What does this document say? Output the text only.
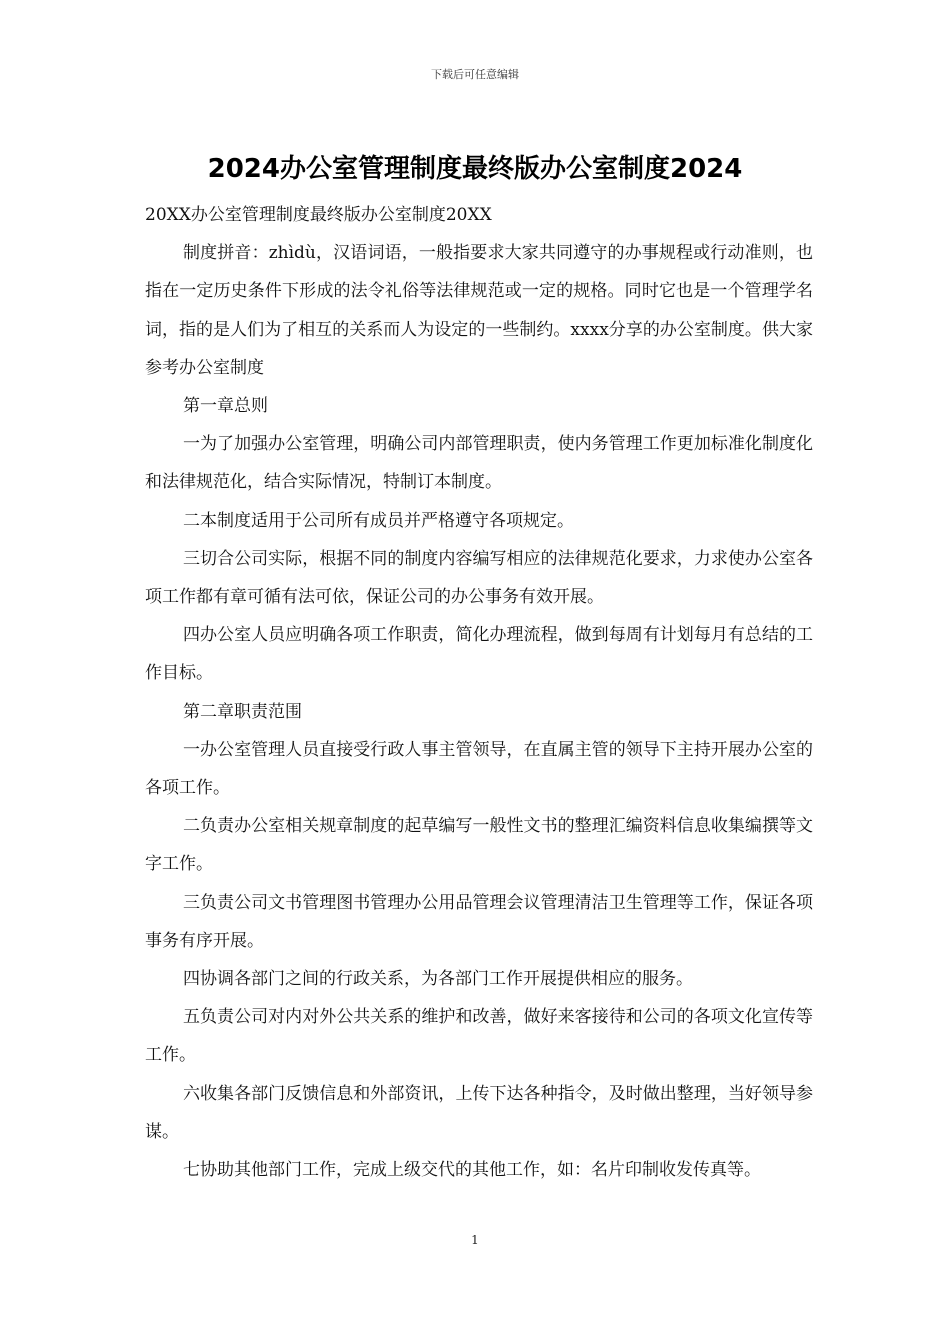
下载后可任意编辑
2024办公室管理制度最终版办公室制度2024

20XX办公室管理制度最终版办公室制度20XX

制度拼音：zhìdù，汉语词语，一般指要求大家共同遵守的办事规程或行动准则，也指在一定历史条件下形成的法令礼俗等法律规范或一定的规格。同时它也是一个管理学名词，指的是人们为了相互的关系而人为设定的一些制约。xxxx分享的办公室制度。供大家参考办公室制度

第一章总则

一为了加强办公室管理，明确公司内部管理职责，使内务管理工作更加标准化制度化和法律规范化，结合实际情况，特制订本制度。

二本制度适用于公司所有成员并严格遵守各项规定。

三切合公司实际，根据不同的制度内容编写相应的法律规范化要求，力求使办公室各项工作都有章可循有法可依，保证公司的办公事务有效开展。

四办公室人员应明确各项工作职责，简化办理流程，做到每周有计划每月有总结的工作目标。

第二章职责范围

一办公室管理人员直接受行政人事主管领导，在直属主管的领导下主持开展办公室的各项工作。

二负责办公室相关规章制度的起草编写一般性文书的整理汇编资料信息收集编撰等文字工作。

三负责公司文书管理图书管理办公用品管理会议管理清洁卫生管理等工作，保证各项事务有序开展。

四协调各部门之间的行政关系，为各部门工作开展提供相应的服务。

五负责公司对内对外公共关系的维护和改善，做好来客接待和公司的各项文化宣传等工作。

六收集各部门反馈信息和外部资讯，上传下达各种指令，及时做出整理，当好领导参谋。

七协助其他部门工作，完成上级交代的其他工作，如：名片印制收发传真等。

1
